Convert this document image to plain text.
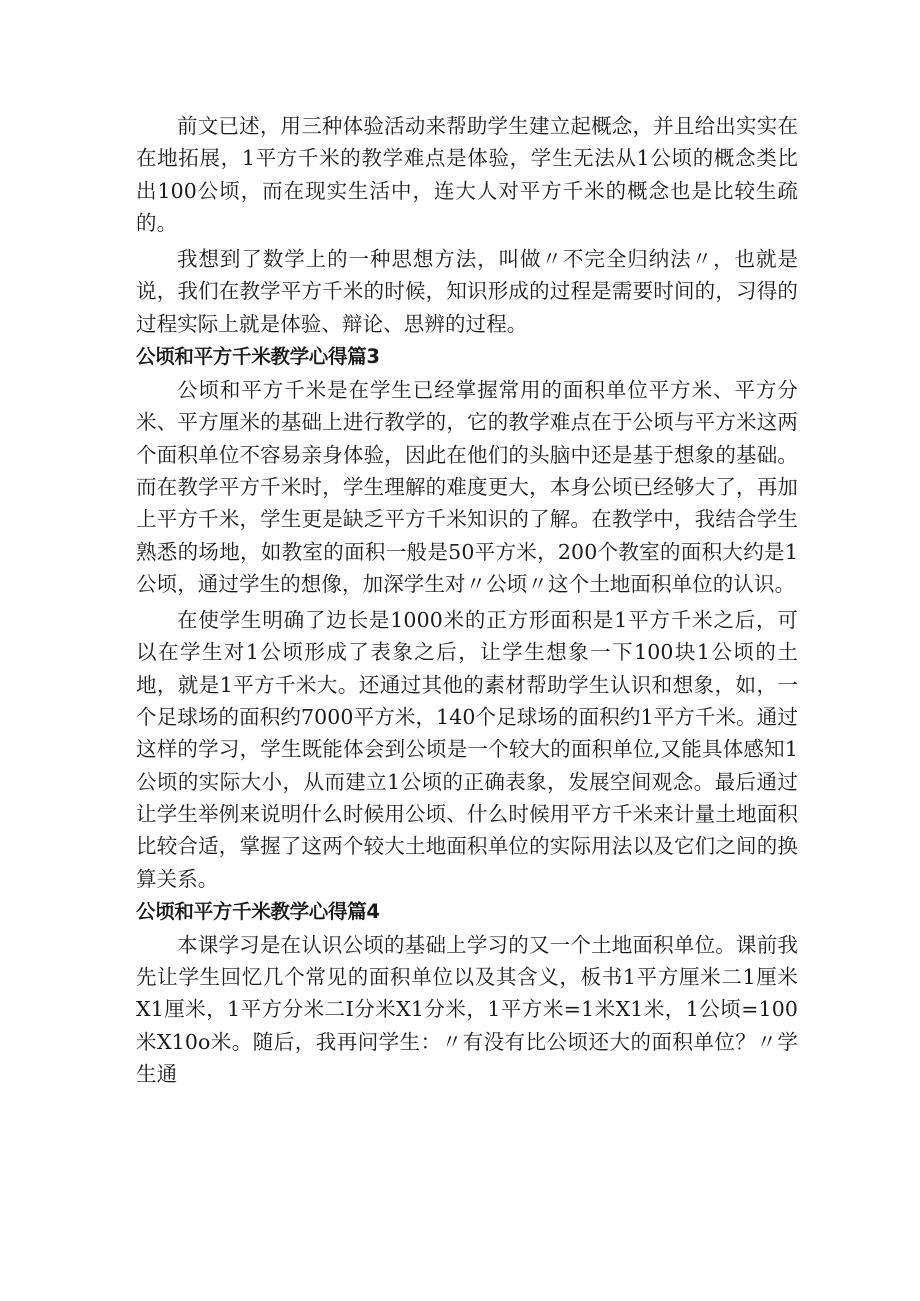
前文已述，用三种体验活动来帮助学生建立起概念，并且给出实实在在地拓展，1平方千米的教学难点是体验，学生无法从1公顷的概念类比出100公顷，而在现实生活中，连大人对平方千米的概念也是比较生疏的。

我想到了数学上的一种思想方法，叫做〃不完全归纳法〃，也就是说，我们在教学平方千米的时候，知识形成的过程是需要时间的，习得的过程实际上就是体验、辩论、思辨的过程。

公顷和平方千米教学心得篇3

公顷和平方千米是在学生已经掌握常用的面积单位平方米、平方分米、平方厘米的基础上进行教学的，它的教学难点在于公顷与平方米这两个面积单位不容易亲身体验，因此在他们的头脑中还是基于想象的基础。而在教学平方千米时，学生理解的难度更大，本身公顷已经够大了，再加上平方千米，学生更是缺乏平方千米知识的了解。在教学中，我结合学生熟悉的场地，如教室的面积一般是50平方米，200个教室的面积大约是1公顷，通过学生的想像，加深学生对〃公顷〃这个土地面积单位的认识。

在使学生明确了边长是1000米的正方形面积是1平方千米之后，可以在学生对1公顷形成了表象之后，让学生想象一下100块1公顷的土地，就是1平方千米大。还通过其他的素材帮助学生认识和想象，如，一个足球场的面积约7000平方米，140个足球场的面积约1平方千米。通过这样的学习，学生既能体会到公顷是一个较大的面积单位,又能具体感知1公顷的实际大小，从而建立1公顷的正确表象，发展空间观念。最后通过让学生举例来说明什么时候用公顷、什么时候用平方千米来计量土地面积比较合适，掌握了这两个较大土地面积单位的实际用法以及它们之间的换算关系。

公顷和平方千米教学心得篇4

本课学习是在认识公顷的基础上学习的又一个土地面积单位。课前我先让学生回忆几个常见的面积单位以及其含义，板书1平方厘米二1厘米X1厘米，1平方分米二I分米X1分米，1平方米=1米X1米，1公顷=100米X10o米。随后，我再问学生：〃有没有比公顷还大的面积单位？〃学生通
